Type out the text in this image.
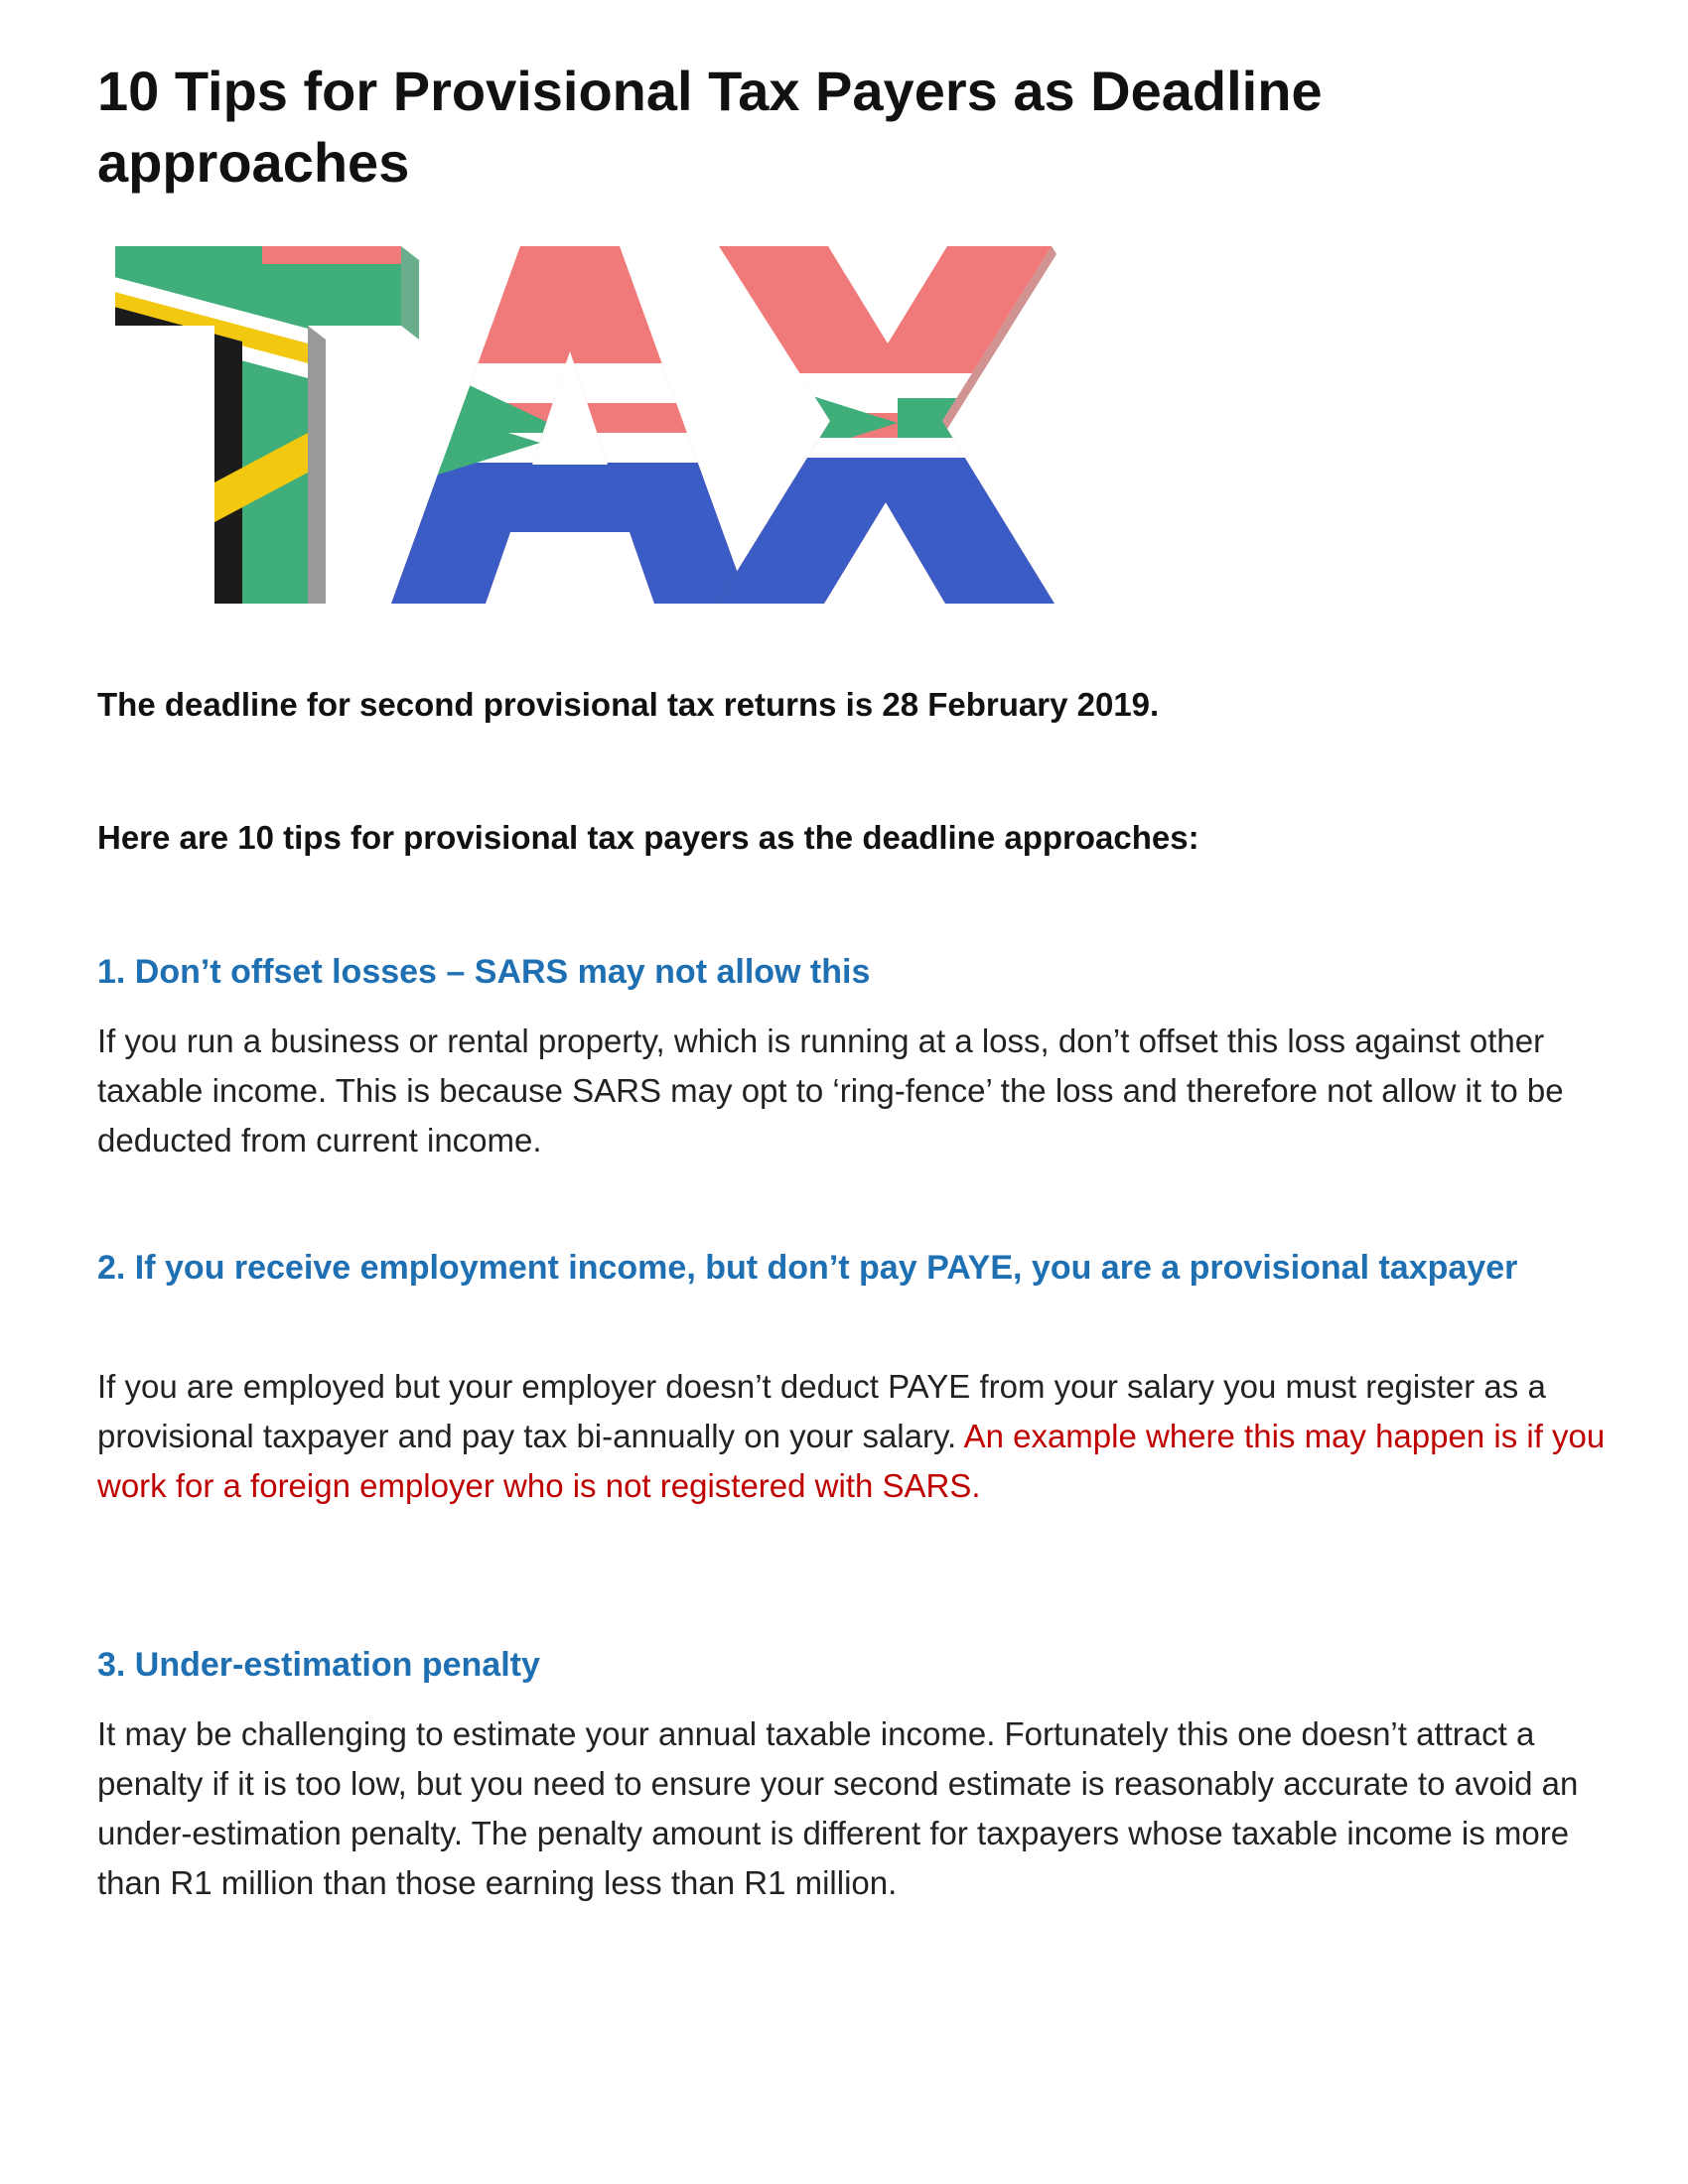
10 Tips for Provisional Tax Payers as Deadline approaches

The deadline for second provisional tax returns is 28 February 2019.

Here are 10 tips for provisional tax payers as the deadline approaches:

1. Don’t offset losses – SARS may not allow this

If you run a business or rental property, which is running at a loss, don’t offset this loss against other taxable income. This is because SARS may opt to ‘ring-fence’ the loss and therefore not allow it to be deducted from current income.

2. If you receive employment income, but don’t pay PAYE, you are a provisional taxpayer

If you are employed but your employer doesn’t deduct PAYE from your salary you must register as a provisional taxpayer and pay tax bi-annually on your salary. An example where this may happen is if you work for a foreign employer who is not registered with SARS.

3. Under-estimation penalty

It may be challenging to estimate your annual taxable income. Fortunately this one doesn’t attract a penalty if it is too low, but you need to ensure your second estimate is reasonably accurate to avoid an under-estimation penalty. The penalty amount is different for taxpayers whose taxable income is more than R1 million than those earning less than R1 million.
